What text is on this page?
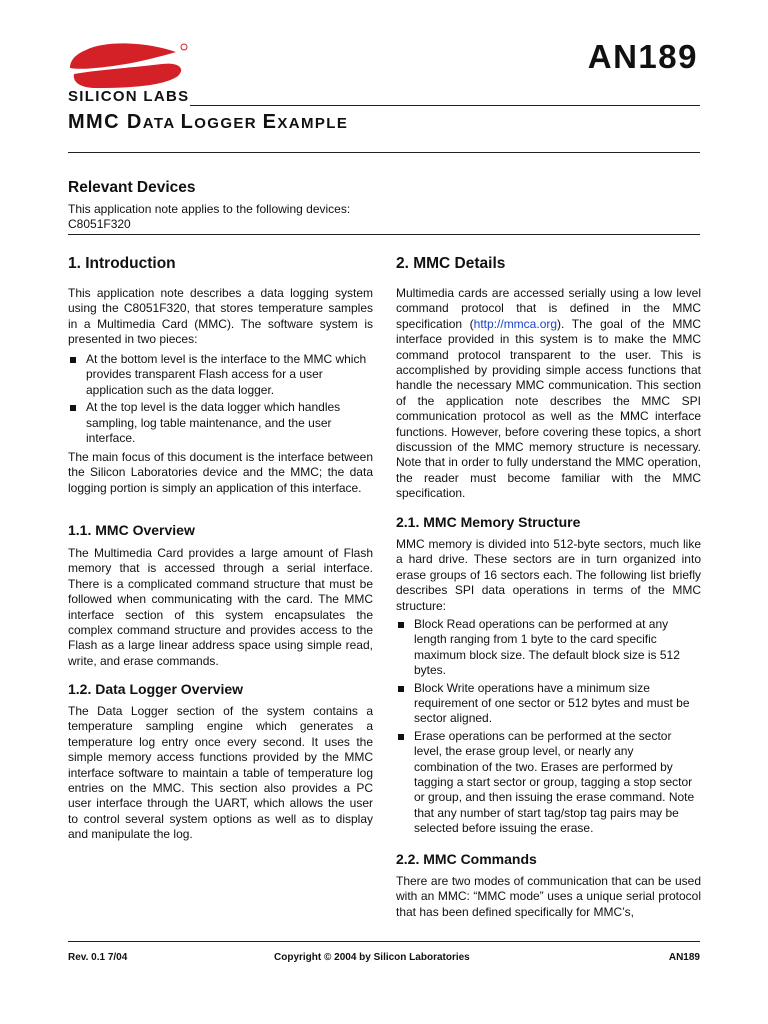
SILICON LABS
AN189
MMC DATA LOGGER EXAMPLE
Relevant Devices

This application note applies to the following devices:

C8051F320

1. Introduction

This application note describes a data logging system using the C8051F320, that stores temperature samples in a Multimedia Card (MMC). The software system is presented in two pieces:

At the bottom level is the interface to the MMC which provides transparent Flash access for a user application such as the data logger.
At the top level is the data logger which handles sampling, log table maintenance, and the user interface.

The main focus of this document is the interface between the Silicon Laboratories device and the MMC; the data logging portion is simply an application of this interface.

1.1. MMC Overview

The Multimedia Card provides a large amount of Flash memory that is accessed through a serial interface. There is a complicated command structure that must be followed when communicating with the card. The MMC interface section of this system encapsulates the complex command structure and provides access to the Flash as a large linear address space using simple read, write, and erase commands.

1.2. Data Logger Overview

The Data Logger section of the system contains a temperature sampling engine which generates a temperature log entry once every second. It uses the simple memory access functions provided by the MMC interface software to maintain a table of temperature log entries on the MMC. This section also provides a PC user interface through the UART, which allows the user to control several system options as well as to display and manipulate the log.

2. MMC Details

Multimedia cards are accessed serially using a low level command protocol that is defined in the MMC specification (http://mmca.org). The goal of the MMC interface provided in this system is to make the MMC command protocol transparent to the user. This is accomplished by providing simple access functions that handle the necessary MMC communication. This section of the application note describes the MMC SPI communication protocol as well as the MMC interface functions. However, before covering these topics, a short discussion of the MMC memory structure is necessary. Note that in order to fully understand the MMC operation, the reader must become familiar with the MMC specification.

2.1. MMC Memory Structure

MMC memory is divided into 512-byte sectors, much like a hard drive. These sectors are in turn organized into erase groups of 16 sectors each. The following list briefly describes SPI data operations in terms of the MMC structure:

Block Read operations can be performed at any length ranging from 1 byte to the card specific maximum block size. The default block size is 512 bytes.
Block Write operations have a minimum size requirement of one sector or 512 bytes and must be sector aligned.
Erase operations can be performed at the sector level, the erase group level, or nearly any combination of the two. Erases are performed by tagging a start sector or group, tagging a stop sector or group, and then issuing the erase command. Note that any number of start tag/stop tag pairs may be selected before issuing the erase.
2.2. MMC Commands

There are two modes of communication that can be used with an MMC: “MMC mode” uses a unique serial protocol that has been defined specifically for MMC’s,

Rev. 0.1 7/04	Copyright © 2004 by Silicon Laboratories	AN189
